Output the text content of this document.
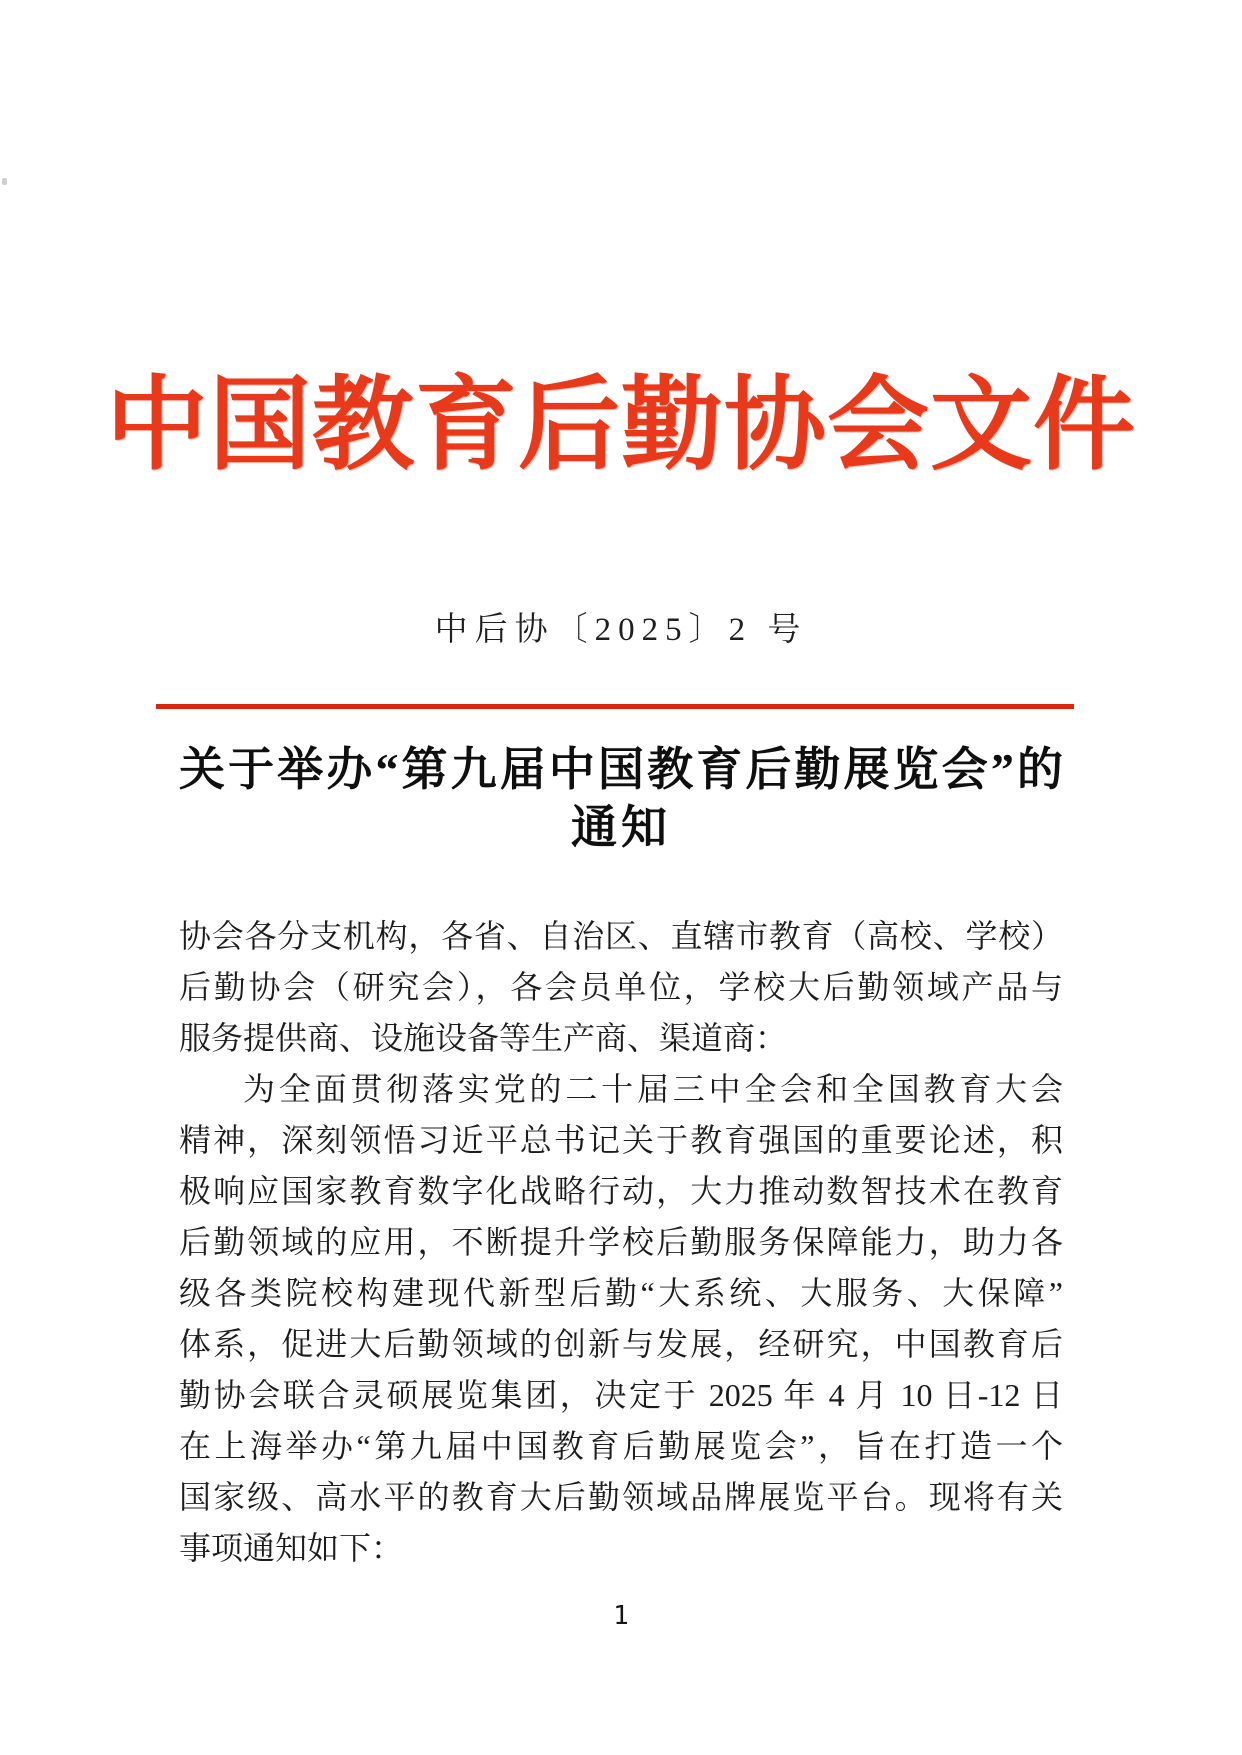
中国教育后勤协会文件
中后协〔2025〕2 号
关于举办“第九届中国教育后勤展览会”的
通知
协会各分支机构，各省、自治区、直辖市教育（高校、学校）
后勤协会（研究会），各会员单位，学校大后勤领域产品与
服务提供商、设施设备等生产商、渠道商：
为全面贯彻落实党的二十届三中全会和全国教育大会
精神，深刻领悟习近平总书记关于教育强国的重要论述，积
极响应国家教育数字化战略行动，大力推动数智技术在教育
后勤领域的应用，不断提升学校后勤服务保障能力，助力各
级各类院校构建现代新型后勤“大系统、大服务、大保障”
体系，促进大后勤领域的创新与发展，经研究，中国教育后
勤协会联合灵硕展览集团，决定于 2025 年 4 月 10 日-12 日
在上海举办“第九届中国教育后勤展览会”，旨在打造一个
国家级、高水平的教育大后勤领域品牌展览平台。现将有关
事项通知如下：
1
